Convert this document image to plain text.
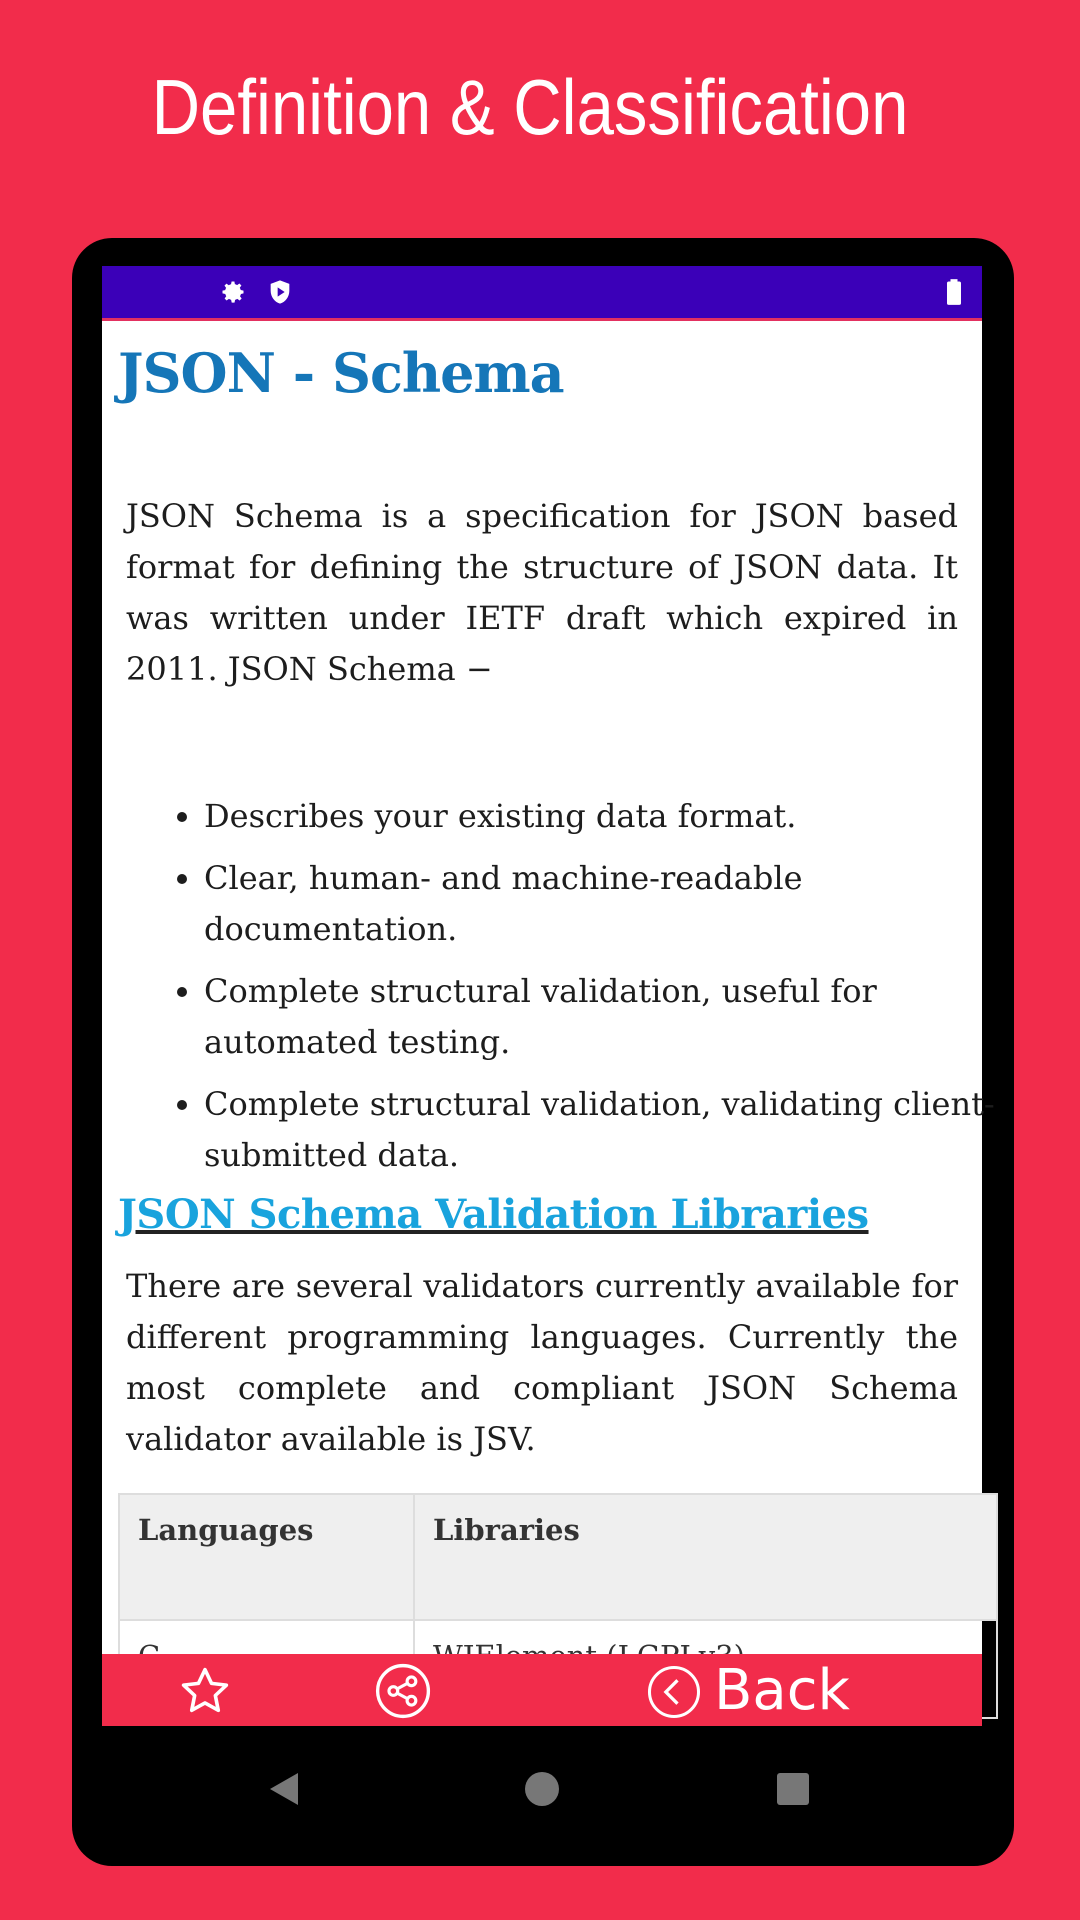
Definition & Classification
JSON - Schema
JSON Schema is a specification for JSON based format for defining the structure of JSON data. It was written under IETF draft which expired in 2011. JSON Schema −
• Describes your existing data format.
• Clear, human- and machine-readable documentation.
• Complete structural validation, useful for automated testing.
• Complete structural validation, validating client-submitted data.
JSON Schema Validation Libraries
There are several validators currently available for different programming languages. Currently the most complete and compliant JSON Schema validator available is JSV.
Languages	Libraries

Back
